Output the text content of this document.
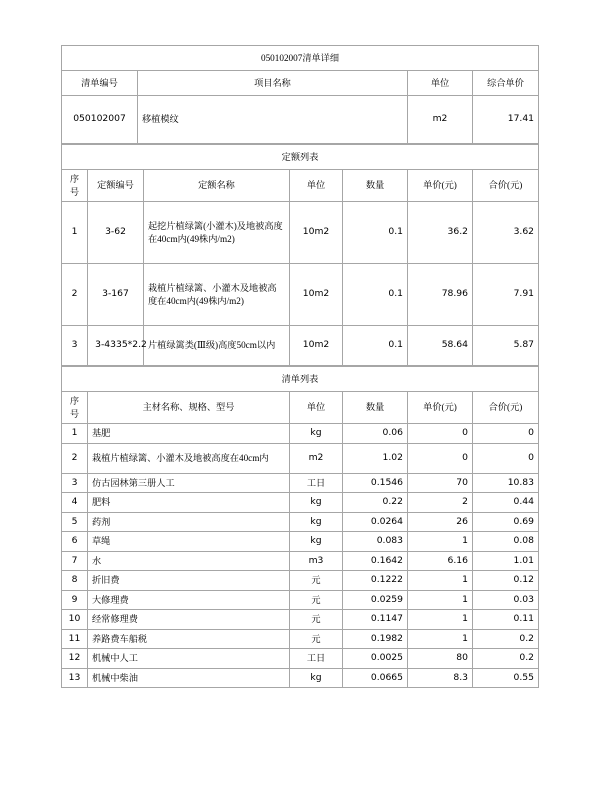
050102007清单详细			
清单编号	项目名称	单位	综合单价
050102007	移植模纹	m2	17.41
定额列表						
序号	定额编号	定额名称	单位	数量	单价(元)	合价(元)
1	3-62	起挖片植绿篱(小灌木)及地被高度在40cm内(49株内/m2)	10m2	0.1	36.2	3.62
2	3-167	栽植片植绿篱、小灌木及地被高度在40cm内(49株内/m2)	10m2	0.1	78.96	7.91
3	3-4335*2.2	片植绿篱类(Ⅲ级)高度50cm以内	10m2	0.1	58.64	5.87
清单列表					
序号	主材名称、规格、型号	单位	数量	单价(元)	合价(元)
1	基肥	kg	0.06	0	0
2	栽植片植绿篱、小灌木及地被高度在40cm内	m2	1.02	0	0
3	仿古园林第三册人工	工日	0.1546	70	10.83
4	肥料	kg	0.22	2	0.44
5	药剂	kg	0.0264	26	0.69
6	草绳	kg	0.083	1	0.08
7	水	m3	0.1642	6.16	1.01
8	折旧费	元	0.1222	1	0.12
9	大修理费	元	0.0259	1	0.03
10	经常修理费	元	0.1147	1	0.11
11	养路费车船税	元	0.1982	1	0.2
12	机械中人工	工日	0.0025	80	0.2
13	机械中柴油	kg	0.0665	8.3	0.55
